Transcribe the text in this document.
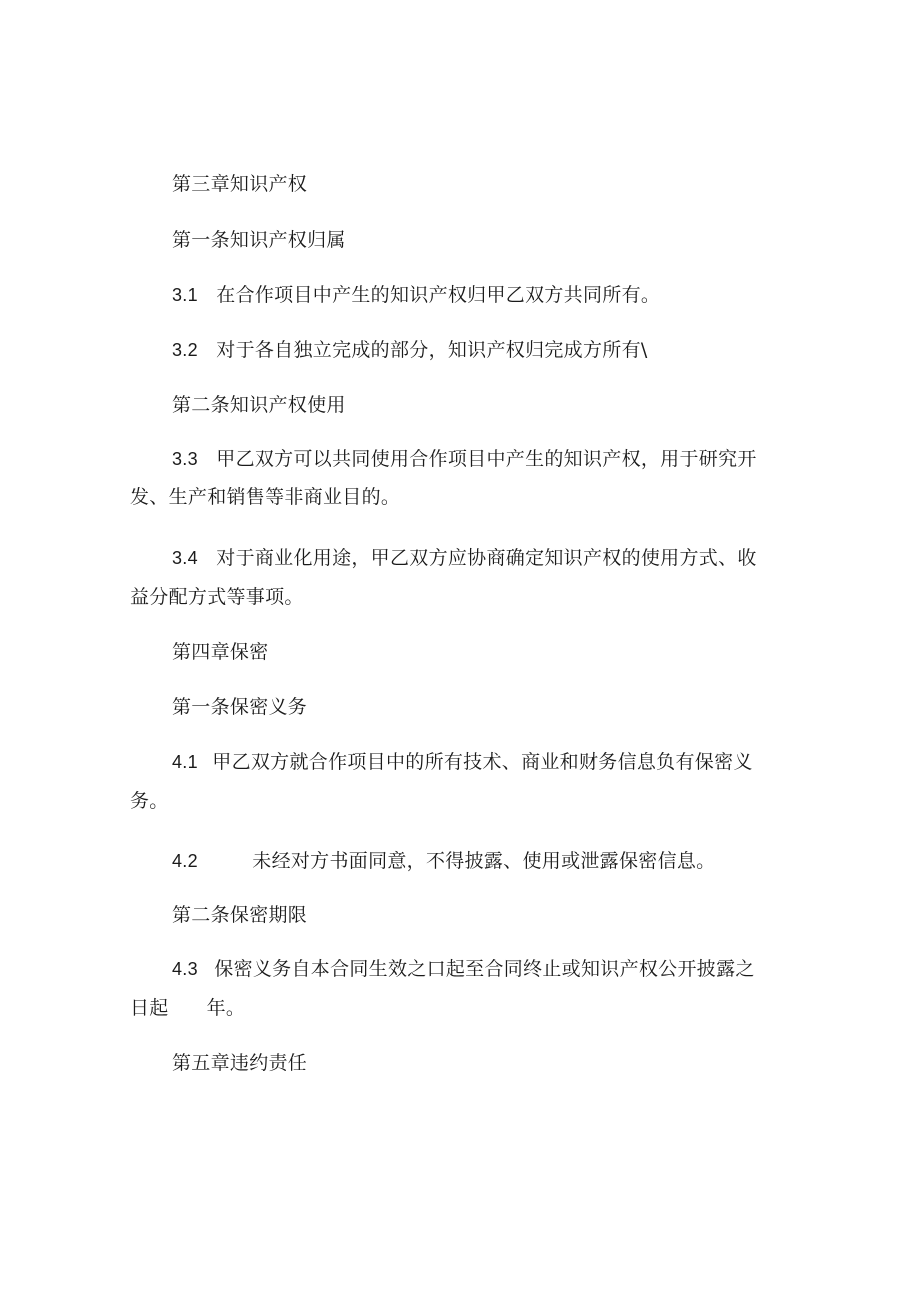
第三章知识产权
第一条知识产权归属
3.1 在合作项目中产生的知识产权归甲乙双方共同所有。
3.2 对于各自独立完成的部分，知识产权归完成方所有\
第二条知识产权使用
3.3 甲乙双方可以共同使用合作项目中产生的知识产权，用于研究开
发、生产和销售等非商业目的。
3.4 对于商业化用途，甲乙双方应协商确定知识产权的使用方式、收
益分配方式等事项。
第四章保密
第一条保密义务
4.1 甲乙双方就合作项目中的所有技术、商业和财务信息负有保密义
务。
4.2	未经对方书面同意，不得披露、使用或泄露保密信息。
第二条保密期限
4.3 保密义务自本合同生效之口起至合同终止或知识产权公开披露之
日起 年。
第五章违约责任
